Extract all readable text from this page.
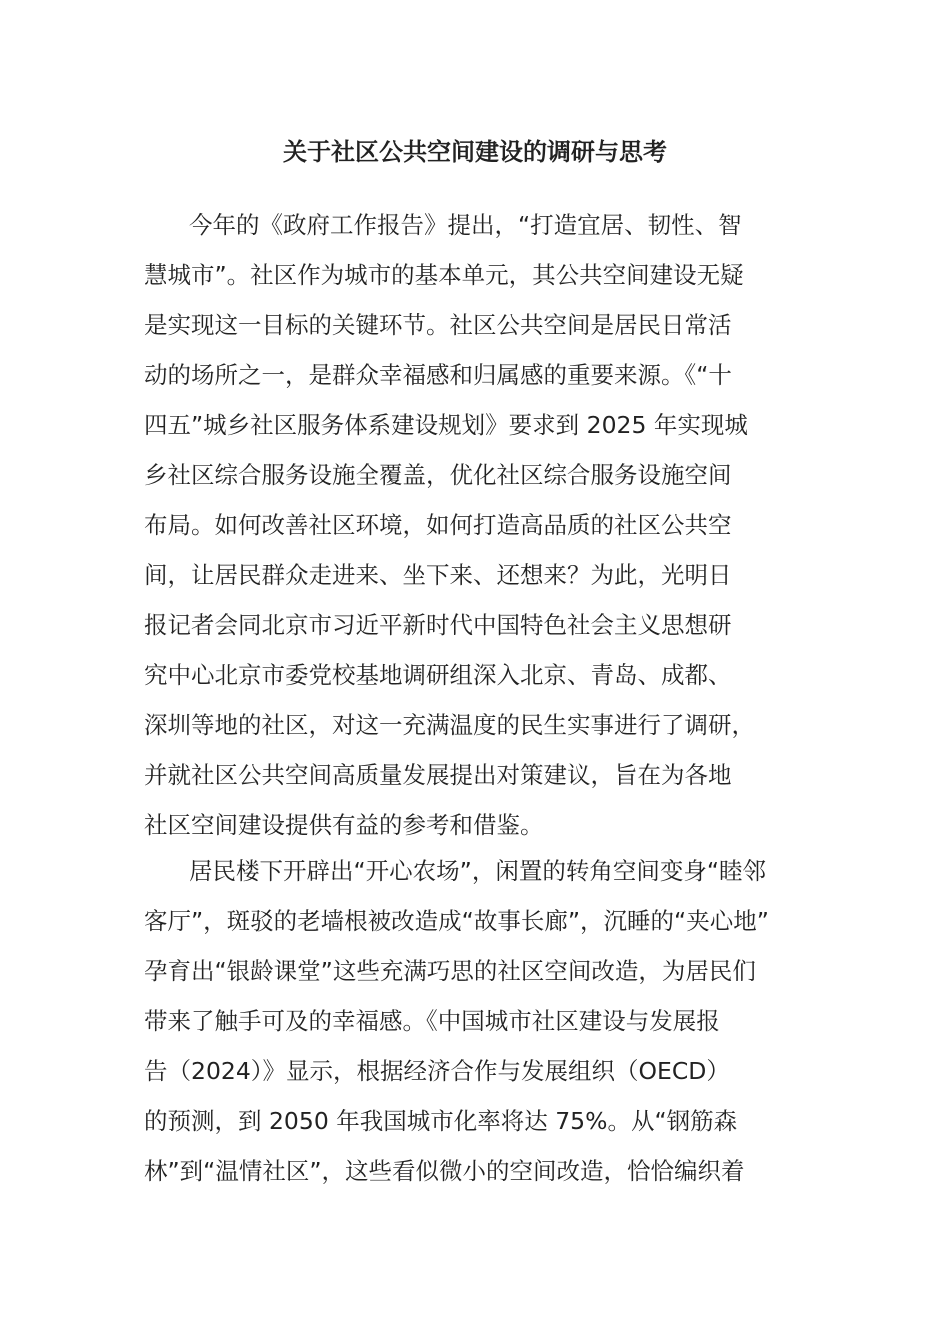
关于社区公共空间建设的调研与思考
今年的《政府工作报告》提出，“打造宜居、韧性、智
慧城市”。社区作为城市的基本单元，其公共空间建设无疑
是实现这一目标的关键环节。社区公共空间是居民日常活
动的场所之一，是群众幸福感和归属感的重要来源。《“十
四五”城乡社区服务体系建设规划》要求到 2025 年实现城
乡社区综合服务设施全覆盖，优化社区综合服务设施空间
布局。如何改善社区环境，如何打造高品质的社区公共空
间，让居民群众走进来、坐下来、还想来？为此，光明日
报记者会同北京市习近平新时代中国特色社会主义思想研
究中心北京市委党校基地调研组深入北京、青岛、成都、
深圳等地的社区，对这一充满温度的民生实事进行了调研，
并就社区公共空间高质量发展提出对策建议，旨在为各地
社区空间建设提供有益的参考和借鉴。
居民楼下开辟出“开心农场”，闲置的转角空间变身“睦邻
客厅”，斑驳的老墙根被改造成“故事长廊”，沉睡的“夹心地”
孕育出“银龄课堂”这些充满巧思的社区空间改造，为居民们
带来了触手可及的幸福感。《中国城市社区建设与发展报
告（2024）》显示，根据经济合作与发展组织（OECD）
的预测，到 2050 年我国城市化率将达 75%。从“钢筋森
林”到“温情社区”，这些看似微小的空间改造，恰恰编织着
